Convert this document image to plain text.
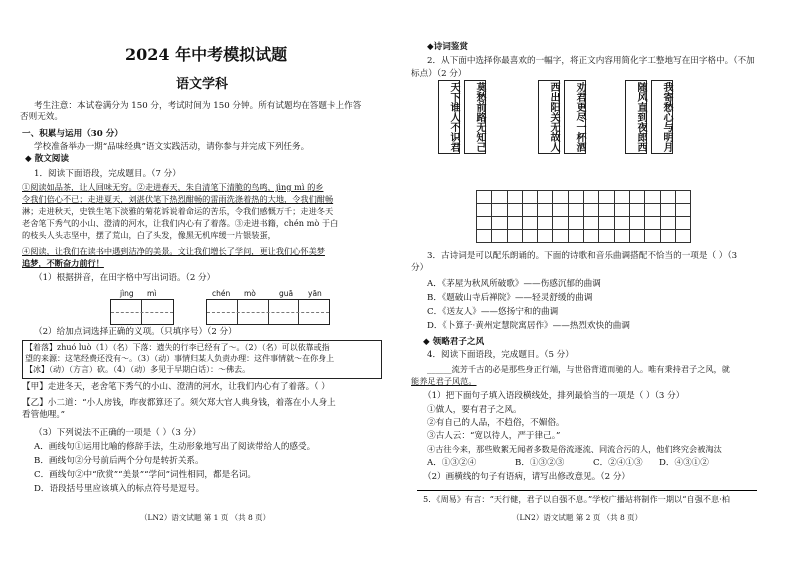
2024 年中考模拟试题
语文学科
考生注意：本试卷满分为 150 分，考试时间为 150 分钟。所有试题均在答题卡上作答
否则无效。
一、积累与运用（30 分）
学校准备举办一期“品味经典”语文实践活动，请你参与并完成下列任务。
◆ 散文阅读
1．阅读下面语段，完成题目。（7 分）
①阅读如品茶，让人回味无穷。②走进春天，朱自清笔下清脆的鸟鸣，jìng mì 的乡
令我们倍心不已；走进夏天，刘湛伏笔下热烈酣畅的雷雨洗涤着热的大地，令我们酣畅
淋；走进秋天，史铁生笔下淡雅的菊花诉说着命运的苦乐，令我们感慨万千；走进冬天
老舍笔下秀气的小山、澄清的河水，让我们内心有了着落。③走进书籍，chén mò 于白
的枝头人头志坚中，摆了荒山，白了头发，像黑无机库缓一片银装蛋，
④阅读，让我们在读书中遇到洁净的美景。文让我们增长了学问，更让我们心怀美梦
追梦，不断奋力前行！
（1）根据拼音，在田字格中写出词语。（2 分）
jìng mì	chén mò	guā yān
（2）给加点词选择正确的义项。（只填序号）（2 分）
【着落】zhuó luò（1）（名）下落：遗失的行李已经有了～。（2）（名）可以依靠或指
望的来源：这笔经费还没有～。（3）（动）事情归某人负责办理：这件事情就～在你身上
【冰】（动）（方言）砍。（4）（动）多见于早期白话）：～佛去。
【甲】走进冬天，老舍笔下秀气的小山、澄清的河水，让我们内心有了着落。（ ）
【乙】小二道：“小人房钱，昨夜都算还了。须欠郑大官人典身钱，着落在小人身上
看管他哩。”
（3）下列说法不正确的一项是（ ）（3 分）
A．画线句①运用比喻的修辞手法，生动形象地写出了阅读带给人的感受。
B．画线句②分号前后两个分句是转折关系。
C．画线句②中“欣赏”“美景”“学问”词性相同，都是名词。
D．语段括号里应该填入的标点符号是逗号。
（LN2）语文试题 第 1 页 （共 8 页）
◆诗词鉴赏
2．从下面中选择你最喜欢的一幅字，将正文内容用简化字工整地写在田字格中。（不加
标点）（2 分）
天下谁人不识君	莫愁前路无知己	西出阳关无故人	劝君更尽一杯酒	随风直到夜郎西	我寄愁心与明月

3．古诗词是可以配乐朗诵的。下面的诗歌和音乐曲调搭配不恰当的一项是（ ）（3
分）
A．《茅屋为秋风所破歌》——伤感沉郁的曲调
B．《题破山寺后禅院》——轻灵舒缓的曲调
C．《送友人》——悠扬宁和的曲调
D．《卜算子·黄州定慧院寓居作》——热烈欢快的曲调
◆ 领略君子之风
4．阅读下面语段，完成题目。（5 分）
______流芳千古的必是那些身正行端，与世俗背道而驰的人。唯有秉持君子之风，就
能养足君子风范。
（1）把下面句子填入语段横线处，排列最恰当的一项是（ ）（3 分）
①做人，要有君子之风。
②有自己的人品，不趋俗，不媚俗。
③古人云：“宽以待人，严于律己。”
④古往今来，那些败絮无闻者多数是俗流逐流、同流合污的人，他们终究会被淘汰
A．①③②④	B．①③②③	C．②④①③ D．④③①②
（2）画横线的句子有语病，请写出修改意见。（2 分）
5．《周易》有言：“天行健，君子以自强不息。”学校广播站将制作一期以“自强不息·柏
（LN2）语文试题 第 2 页 （共 8 页）
